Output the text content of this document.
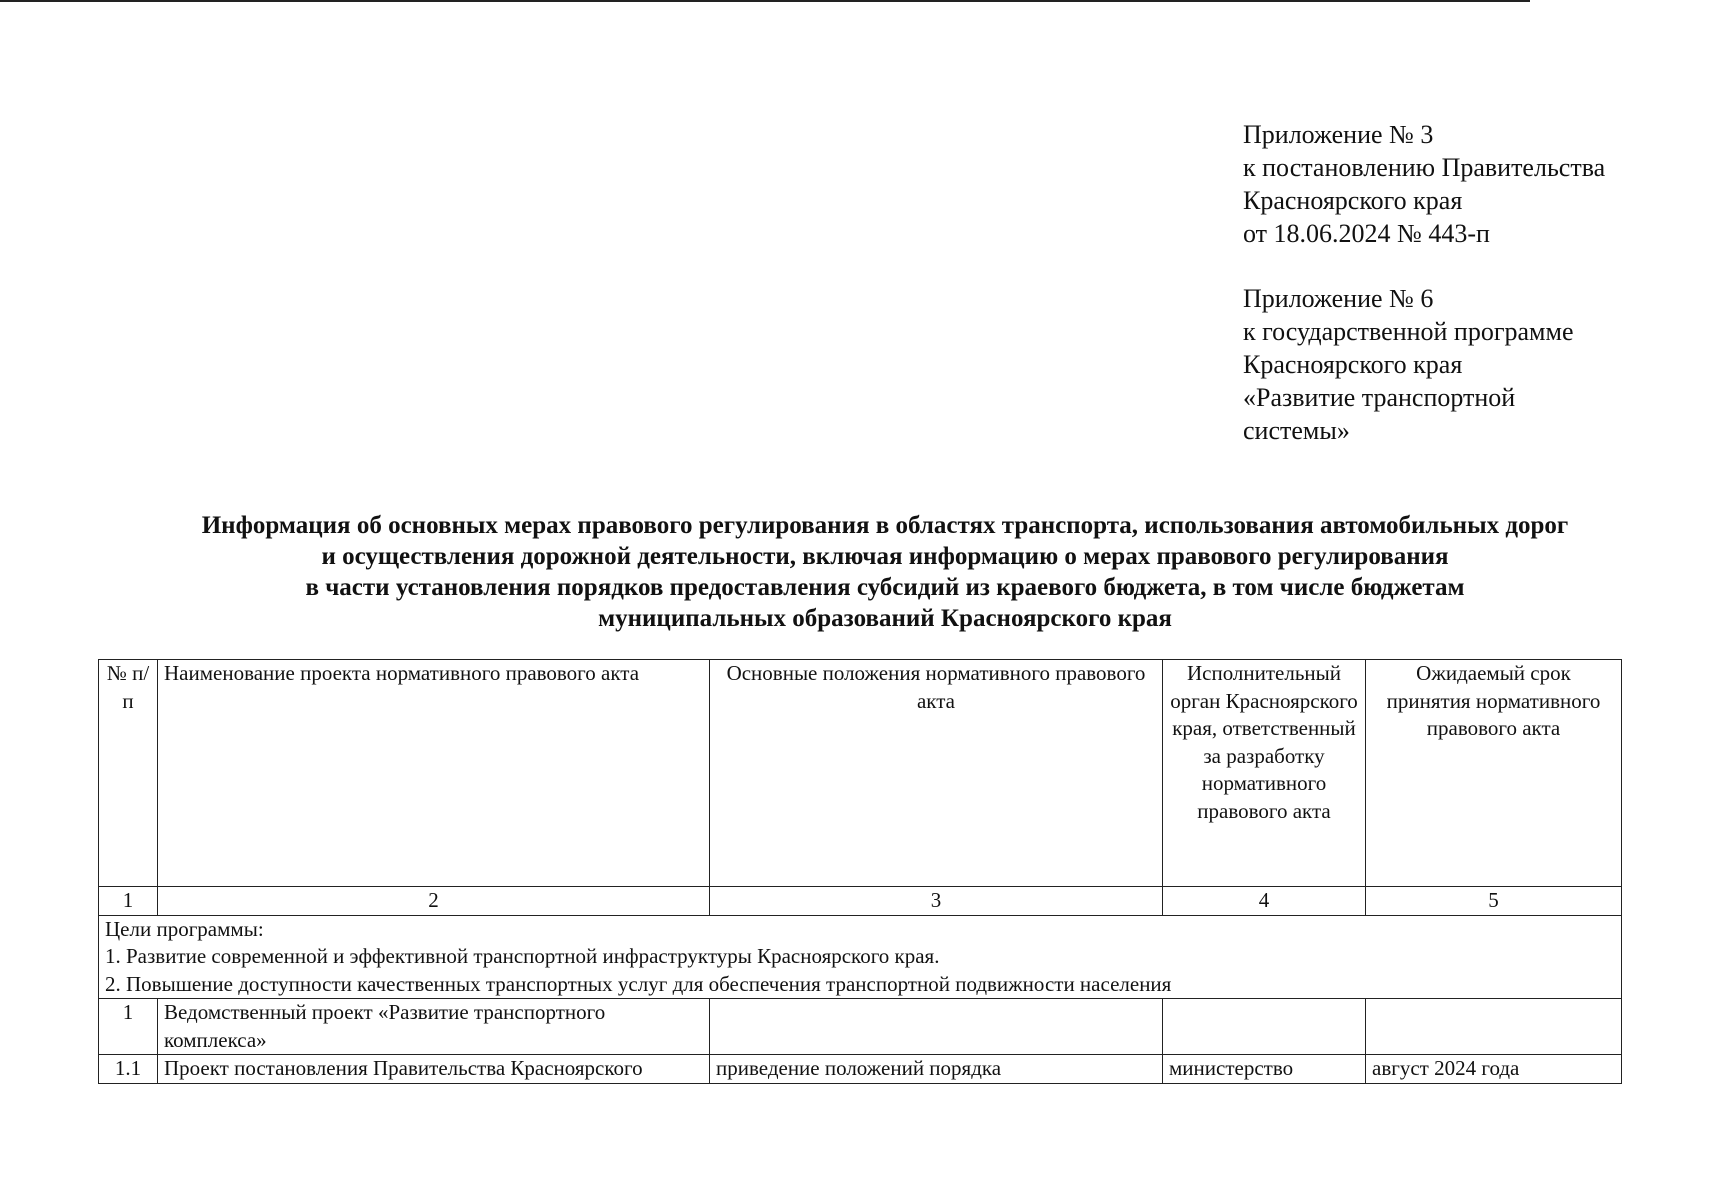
Приложение № 3
к постановлению Правительства
Красноярского края
от 18.06.2024 № 443-п
Приложение № 6
к государственной программе
Красноярского края
«Развитие транспортной
системы»
Информация об основных мерах правового регулирования в областях транспорта, использования автомобильных дорог
и осуществления дорожной деятельности, включая информацию о мерах правового регулирования
в части установления порядков предоставления субсидий из краевого бюджета, в том числе бюджетам
муниципальных образований Красноярского края
№ п/п	Наименование проекта нормативного правового акта	Основные положения нормативного правового акта	Исполнительный орган Красноярского края, ответственный за разработку нормативного правового акта	Ожидаемый срок принятия нормативного правового акта
1	2	3	4	5

Цели программы:
1. Развитие современной и эффективной транспортной инфраструктуры Красноярского края.
2. Повышение доступности качественных транспортных услуг для обеспечения транспортной подвижности населения				

1	Ведомственный проект «Развитие транспортного комплекса»			
1.1	Проект постановления Правительства Красноярского	приведение положений порядка	министерство	август 2024 года
